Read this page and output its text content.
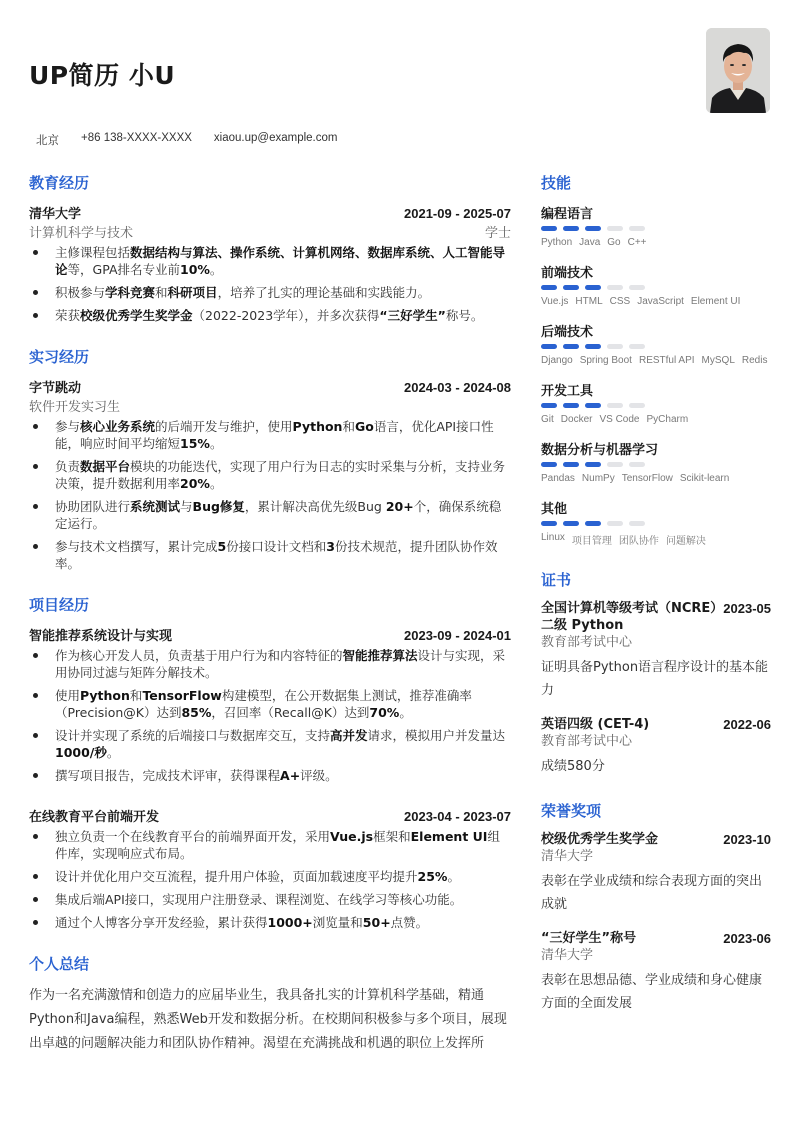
UP简历 小U
北京 +86 138-XXXX-XXXX xiaou.up@example.com
教育经历
清华大学	2021-09 - 2025-07
计算机科学与技术	学士
主修课程包括数据结构与算法、操作系统、计算机网络、数据库系统、人工智能导论等，GPA排名专业前10%。
积极参与学科竞赛和科研项目，培养了扎实的理论基础和实践能力。
荣获校级优秀学生奖学金（2022-2023学年），并多次获得“三好学生”称号。
实习经历
字节跳动	2024-03 - 2024-08
软件开发实习生
参与核心业务系统的后端开发与维护，使用Python和Go语言，优化API接口性能，响应时间平均缩短15%。
负责数据平台模块的功能迭代，实现了用户行为日志的实时采集与分析，支持业务决策，提升数据利用率20%。
协助团队进行系统测试与Bug修复，累计解决高优先级Bug 20+个，确保系统稳定运行。
参与技术文档撰写，累计完成5份接口设计文档和3份技术规范，提升团队协作效率。
项目经历
智能推荐系统设计与实现	2023-09 - 2024-01
作为核心开发人员，负责基于用户行为和内容特征的智能推荐算法设计与实现，采用协同过滤与矩阵分解技术。
使用Python和TensorFlow构建模型，在公开数据集上测试，推荐准确率（Precision@K）达到85%，召回率（Recall@K）达到70%。
设计并实现了系统的后端接口与数据库交互，支持高并发请求，模拟用户并发量达1000/秒。
撰写项目报告，完成技术评审，获得课程A+评级。
在线教育平台前端开发	2023-04 - 2023-07
独立负责一个在线教育平台的前端界面开发，采用Vue.js框架和Element UI组件库，实现响应式布局。
设计并优化用户交互流程，提升用户体验，页面加载速度平均提升25%。
集成后端API接口，实现用户注册登录、课程浏览、在线学习等核心功能。
通过个人博客分享开发经验，累计获得1000+浏览量和50+点赞。
个人总结
作为一名充满激情和创造力的应届毕业生，我具备扎实的计算机科学基础，精通Python和Java编程，熟悉Web开发和数据分析。在校期间积极参与多个项目，展现出卓越的问题解决能力和团队协作精神。渴望在充满挑战和机遇的职位上发挥所
技能
编程语言
Python Java Go C++
前端技术
Vue.js HTML CSS JavaScript Element UI
后端技术
Django Spring Boot RESTful API MySQL Redis
开发工具
Git Docker VS Code PyCharm
数据分析与机器学习
Pandas NumPy TensorFlow Scikit-learn
其他
Linux 项目管理 团队协作 问题解决
证书
全国计算机等级考试（NCRE）二级 Python
2023-05
教育部考试中心
证明具备Python语言程序设计的基本能力
英语四级 (CET-4)	2022-06
教育部考试中心
成绩580分
荣誉奖项
校级优秀学生奖学金	2023-10
清华大学
表彰在学业成绩和综合表现方面的突出成就
“三好学生”称号	2023-06
清华大学
表彰在思想品德、学业成绩和身心健康方面的全面发展
